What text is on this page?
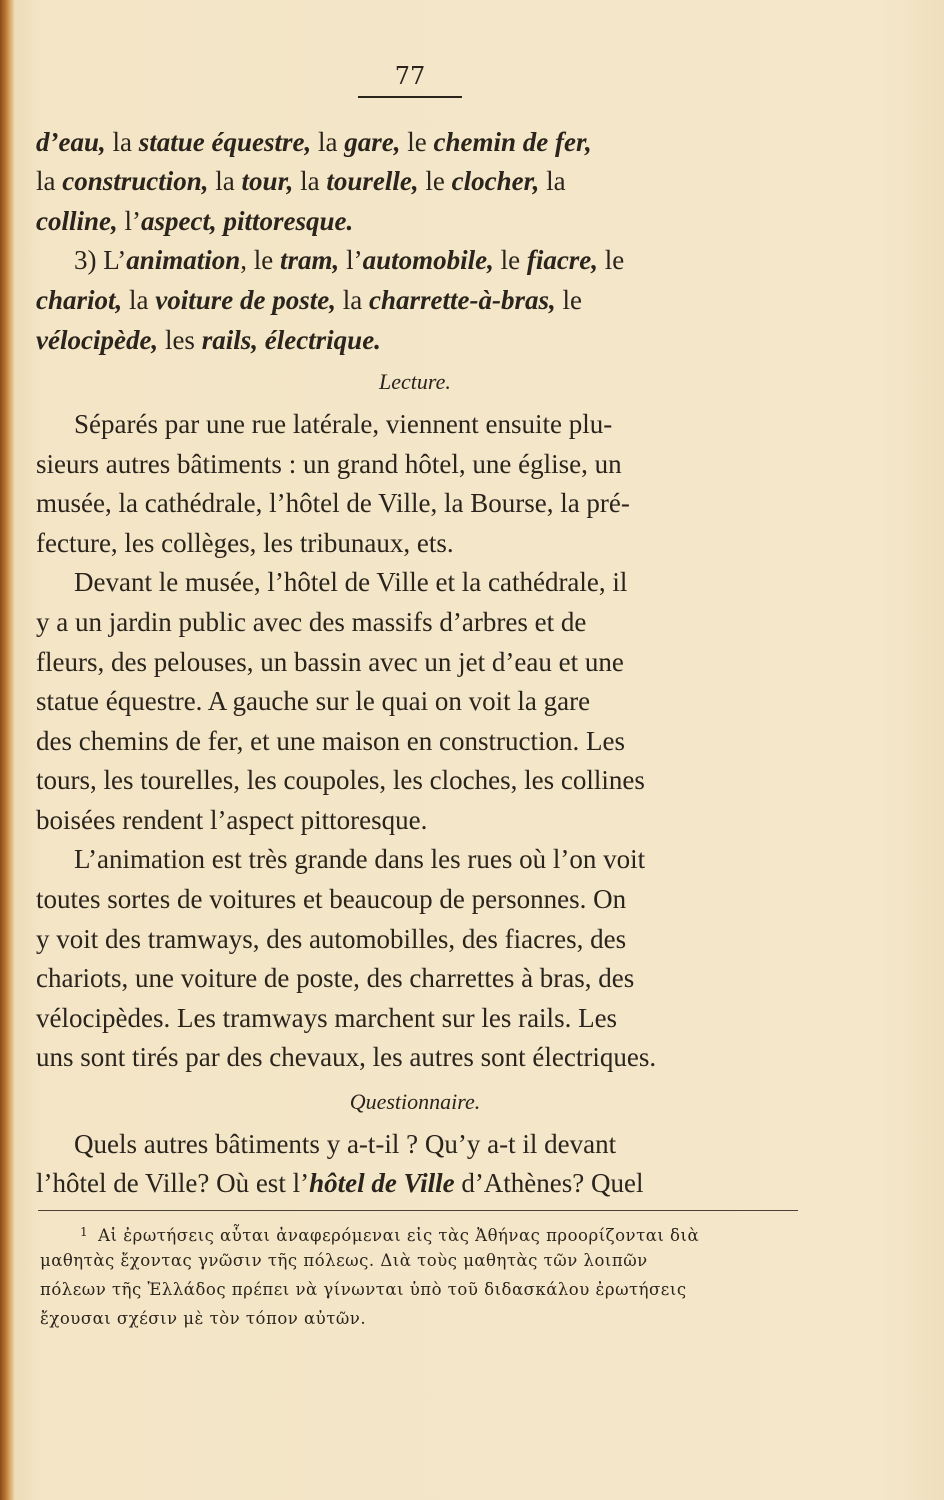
77
d’eau, la statue équestre, la gare, le chemin de fer,
la construction, la tour, la tourelle, le clocher, la
colline, l’aspect, pittoresque.
3) L’animation, le tram, l’automobile, le fiacre, le
chariot, la voiture de poste, la charrette-à-bras, le
vélocipède, les rails, électrique.
Lecture.
Séparés par une rue latérale, viennent ensuite plu-
sieurs autres bâtiments : un grand hôtel, une église, un
musée, la cathédrale, l’hôtel de Ville, la Bourse, la pré-
fecture, les collèges, les tribunaux, ets.
Devant le musée, l’hôtel de Ville et la cathédrale, il
y a un jardin public avec des massifs d’arbres et de
fleurs, des pelouses, un bassin avec un jet d’eau et une
statue équestre. A gauche sur le quai on voit la gare
des chemins de fer, et une maison en construction. Les
tours, les tourelles, les coupoles, les cloches, les collines
boisées rendent l’aspect pittoresque.
L’animation est très grande dans les rues où l’on voit
toutes sortes de voitures et beaucoup de personnes. On
y voit des tramways, des automobilles, des fiacres, des
chariots, une voiture de poste, des charrettes à bras, des
vélocipèdes. Les tramways marchent sur les rails. Les
uns sont tirés par des chevaux, les autres sont électriques.
Questionnaire.
Quels autres bâtiments y a-t-il ? Qu’y a-t il devant
l’hôtel de Ville? Où est l’hôtel de Ville d’Athènes? Quel
$^1$ Αἱ ἐρωτήσεις αὗται ἀναφερόμεναι εἰς τὰς Ἀθήνας προορίζονται διὰ
μαθητὰς ἔχοντας γνῶσιν τῆς πόλεως. Διὰ τοὺς μαθητὰς τῶν λοιπῶν
πόλεων τῆς Ἑλλάδος πρέπει νὰ γίνωνται ὑπὸ τοῦ διδασκάλου ἐρωτήσεις
ἔχουσαι σχέσιν μὲ τὸν τόπον αὐτῶν.
